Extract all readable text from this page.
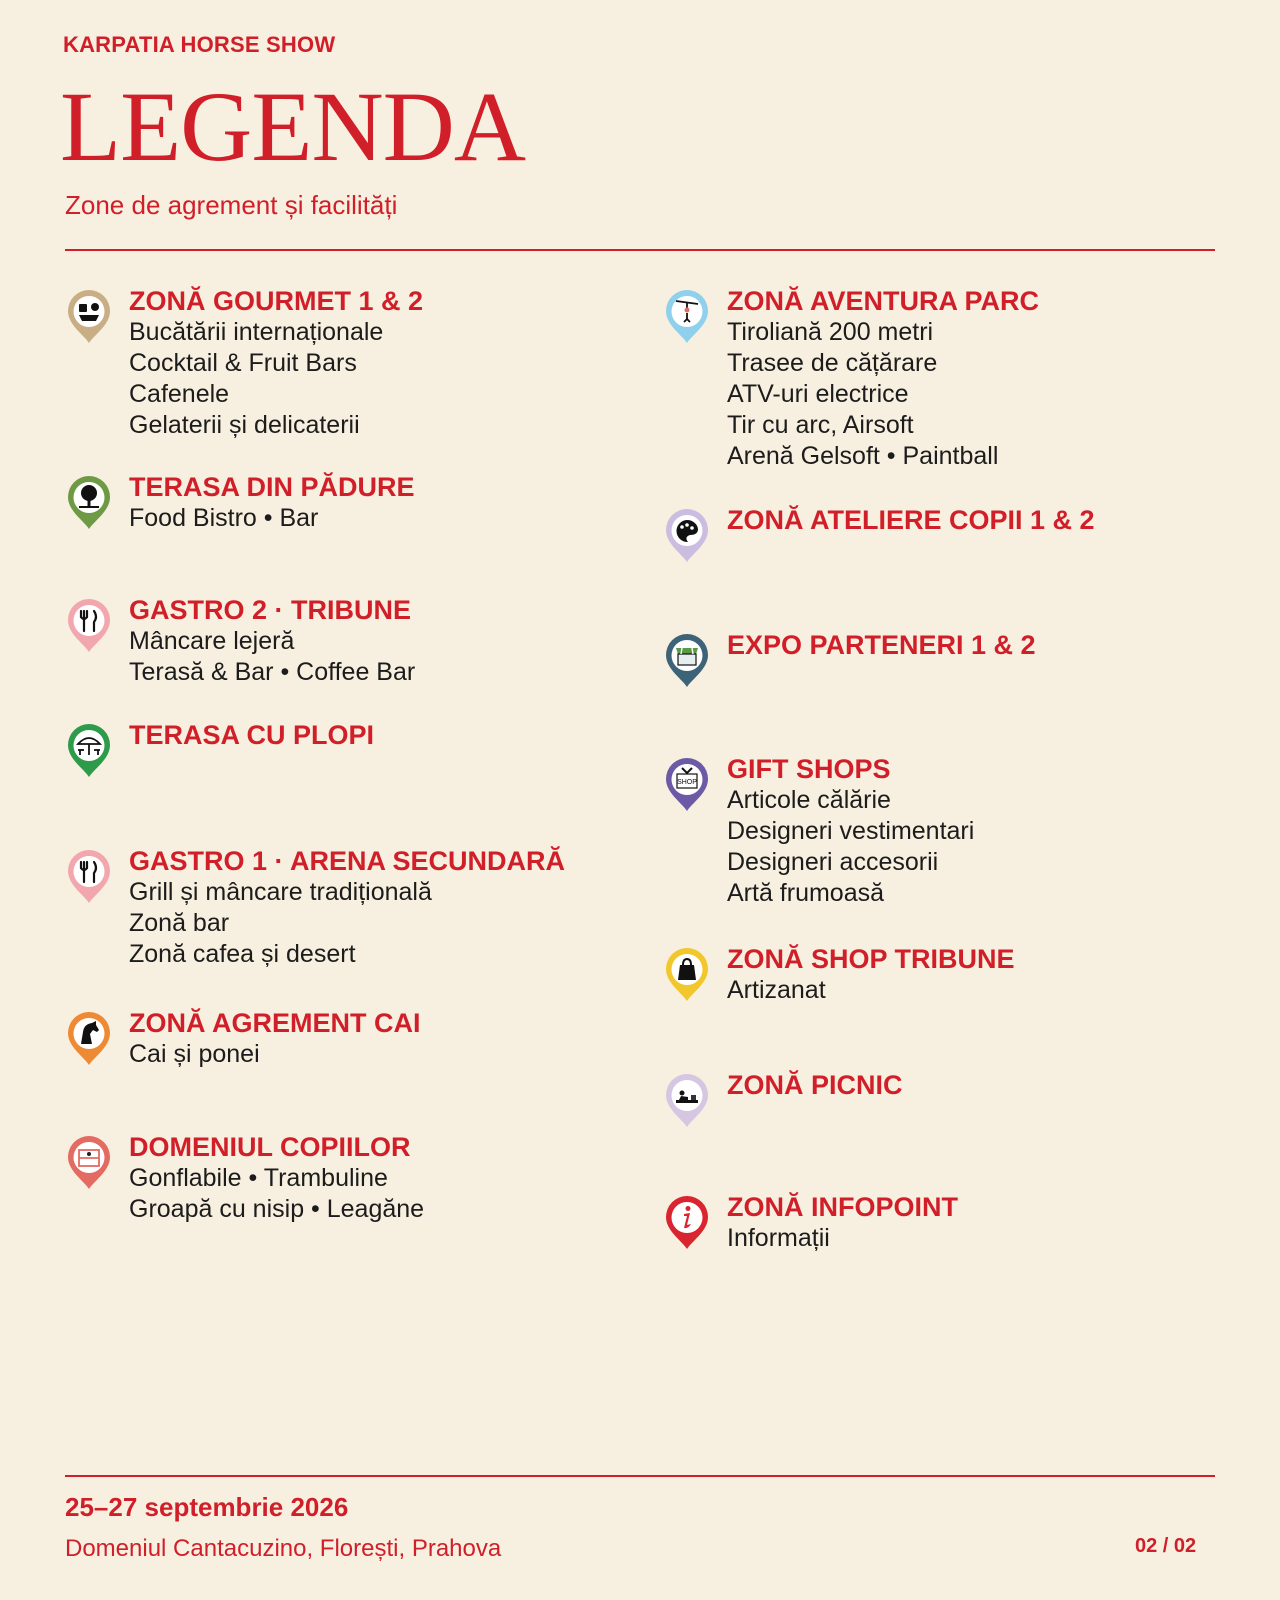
KARPATIA HORSE SHOW
LEGENDA
Zone de agrement și facilități
ZONĂ GOURMET 1 & 2
Bucătării internaționale
Cocktail & Fruit Bars
Cafenele
Gelaterii și delicaterii
TERASA DIN PĂDURE
Food Bistro • Bar
GASTRO 2 · TRIBUNE
Mâncare lejeră
Terasă & Bar • Coffee Bar
TERASA CU PLOPI
GASTRO 1 · ARENA SECUNDARĂ
Grill și mâncare tradițională
Zonă bar
Zonă cafea și desert
ZONĂ AGREMENT CAI
Cai și ponei
DOMENIUL COPIILOR
Gonflabile • Trambuline
Groapă cu nisip • Leagăne
ZONĂ AVENTURA PARC
Tiroliană 200 metri
Trasee de cățărare
ATV-uri electrice
Tir cu arc, Airsoft
Arenă Gelsoft • Paintball
ZONĂ ATELIERE COPII 1 & 2
EXPO PARTENERI 1 & 2
SHOP GIFT SHOPS
Articole călărie
Designeri vestimentari
Designeri accesorii
Artă frumoasă
ZONĂ SHOP TRIBUNE
Artizanat
ZONĂ PICNIC
ZONĂ INFOPOINT
Informații
25–27 septembrie 2026
Domeniul Cantacuzino, Florești, Prahova	02 / 02
